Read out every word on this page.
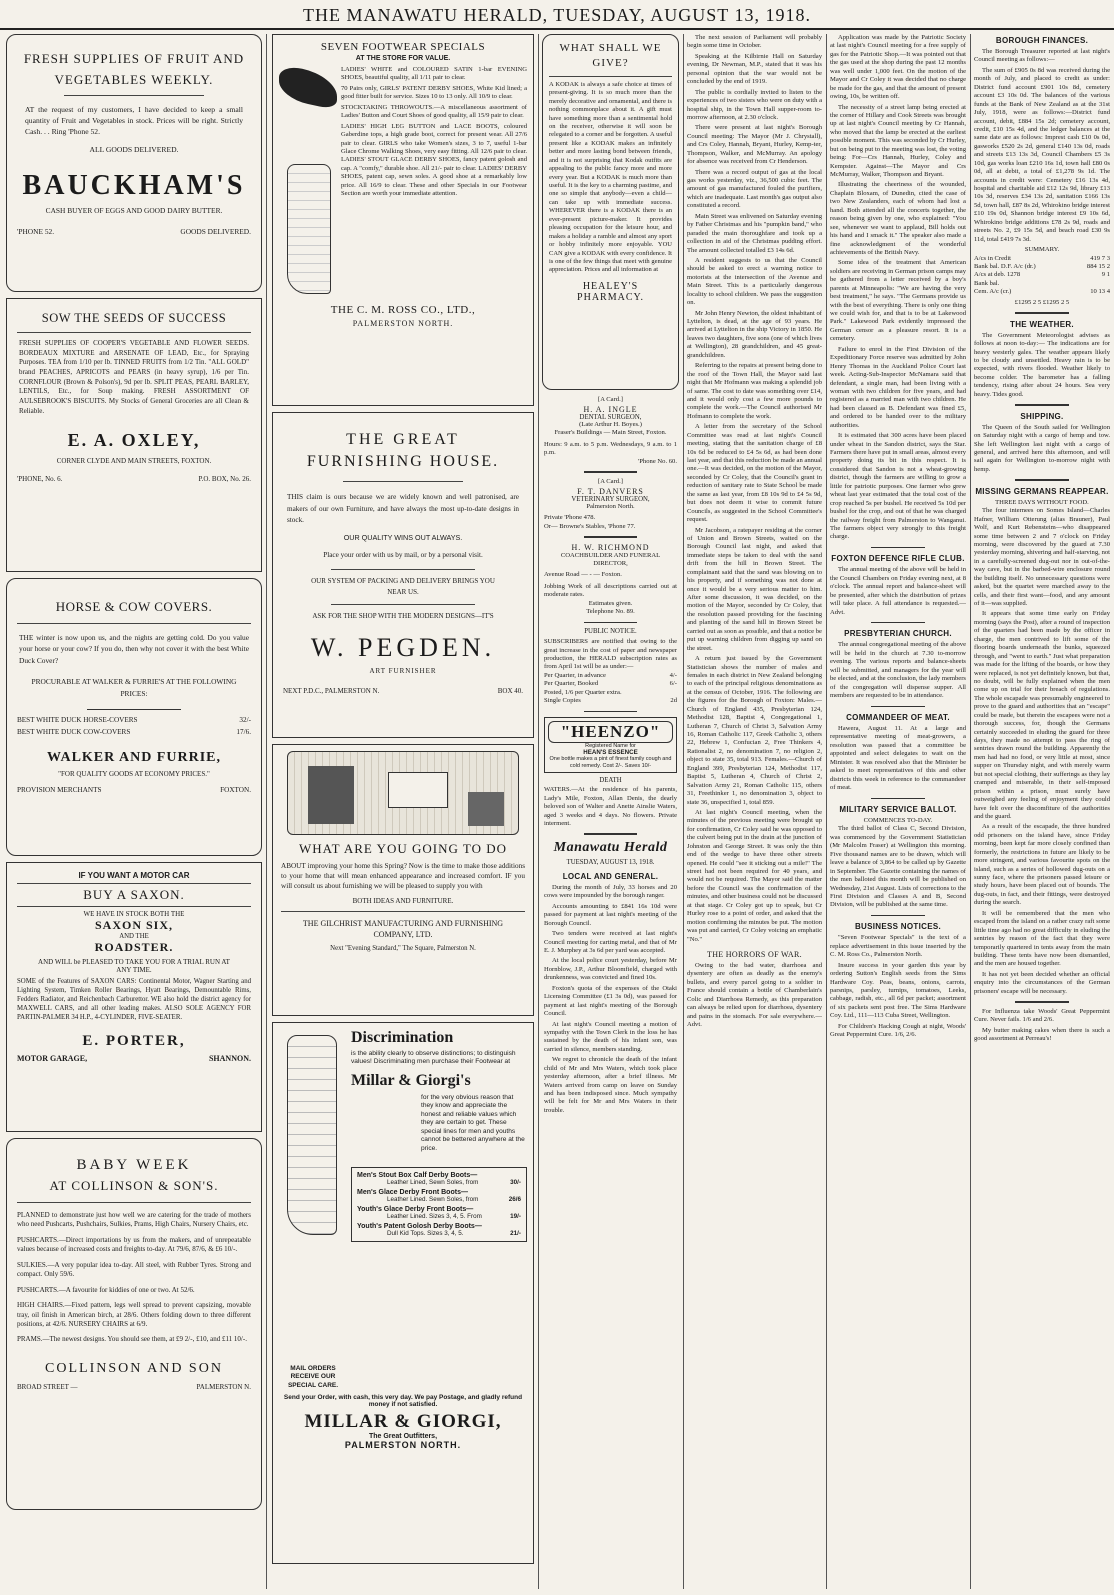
THE MANAWATU HERALD, TUESDAY, AUGUST 13, 1918.
FRESH SUPPLIES OF FRUIT AND VEGETABLES WEEKLY.
AT the request of my customers, I have decided to keep a small quantity of Fruit and Vegetables in stock. Prices will be right. Strictly Cash. . . Ring 'Phone 52.
ALL GOODS DELIVERED.
BAUCKHAM'S
CASH BUYER OF EGGS AND GOOD DAIRY BUTTER.
'PHONE 52.	GOODS DELIVERED.
SOW THE SEEDS OF SUCCESS
FRESH SUPPLIES OF COOPER'S VEGETABLE AND FLOWER SEEDS. BORDEAUX MIXTURE and ARSENATE OF LEAD, Etc., for Spraying Purposes. TEA from 1/10 per lb. TINNED FRUITS from 1/2 Tin. "ALL GOLD" brand PEACHES, APRICOTS and PEARS (in heavy syrup), 1/6 per Tin. CORNFLOUR (Brown & Polson's), 9d per lb. SPLIT PEAS, PEARL BARLEY, LENTILS, Etc., for Soup making. FRESH ASSORTMENT OF AULSEBROOK'S BISCUITS. My Stocks of General Groceries are all Clean & Reliable.
E. A. OXLEY,
CORNER CLYDE AND MAIN STREETS, FOXTON.
'PHONE, No. 6.	P.O. BOX, No. 26.
HORSE & COW COVERS.
THE winter is now upon us, and the nights are getting cold. Do you value your horse or your cow? If you do, then why not cover it with the best White Duck Cover?
PROCURABLE AT WALKER & FURRIE'S AT THE FOLLOWING PRICES:
BEST WHITE DUCK HORSE-COVERS	32/-
BEST WHITE DUCK COW-COVERS	17/6.
WALKER AND FURRIE,
"FOR QUALITY GOODS AT ECONOMY PRICES."
PROVISION MERCHANTS	FOXTON.
IF YOU WANT A MOTOR CAR
BUY A SAXON.
WE HAVE IN STOCK BOTH THE
SAXON SIX,
AND THE
ROADSTER.
AND WILL be PLEASED TO TAKE YOU FOR A TRIAL RUN AT ANY TIME.
SOME of the Features of SAXON CARS: Continental Motor, Wagner Starting and Lighting System, Timken Roller Bearings, Hyatt Bearings, Demountable Rims, Fedders Radiator, and Reichenbach Carburettor. WE also hold the district agency for MAXWELL CARS, and all other leading makes. ALSO SOLE AGENCY FOR PARTIN-PALMER 34 H.P., 4-CYLINDER, FIVE-SEATER.
E. PORTER,
MOTOR GARAGE,	SHANNON.
BABY WEEK
AT COLLINSON & SON'S.
PLANNED to demonstrate just how well we are catering for the trade of mothers who need Pushcarts, Pushchairs, Sulkies, Prams, High Chairs, Nursery Chairs, etc.
PUSHCARTS.—Direct importations by us from the makers, and of unrepeatable values because of increased costs and freights to-day. At 79/6, 87/6, & £6 10/-.
SULKIES.—A very popular idea to-day. All steel, with Rubber Tyres. Strong and compact. Only 59/6.
PUSHCARTS.—A favourite for kiddies of one or two. At 52/6.
HIGH CHAIRS.—Fixed pattern, legs well spread to prevent capsizing, movable tray, oil finish in American birch, at 28/6. Others folding down to three different positions, at 42/6. NURSERY CHAIRS at 6/9.
PRAMS.—The newest designs. You should see them, at £9 2/-, £10, and £11 10/-.
COLLINSON AND SON
BROAD STREET —	PALMERSTON N.
SEVEN FOOTWEAR SPECIALS
AT THE STORE FOR VALUE.
LADIES' WHITE and COLOURED SATIN 1-bar EVENING SHOES, beautiful quality, all 1/11 pair to clear.
70 Pairs only, GIRLS' PATENT DERBY SHOES, White Kid lined; a good fitter built for service. Sizes 10 to 13 only. All 10/9 to clear.
STOCKTAKING THROWOUTS.—A miscellaneous assortment of Ladies' Button and Court Shoes of good quality, all 15/9 pair to clear.
LADIES' HIGH LEG BUTTON and LACE BOOTS, coloured Gaberdine tops, a high grade boot, correct for present wear. All 27/6 pair to clear. GIRLS who take Women's sizes, 3 to 7, useful 1-bar Glace Chrome Walking Shoes, very easy fitting. All 12/6 pair to clear. LADIES' STOUT GLACE DERBY SHOES, fancy patent golosh and cap. A "comfy," durable shoe. All 21/- pair to clear. LADIES' DERBY SHOES, patent cap, sewn soles. A good shoe at a remarkably low price. All 16/9 to clear. These and other Specials in our Footwear Section are worth your immediate attention.
THE C. M. ROSS CO., LTD.,
PALMERSTON NORTH.
WHAT SHALL WE GIVE?
A KODAK is always a safe choice at times of present-giving. It is so much more than the merely decorative and ornamental, and there is nothing commonplace about it. A gift must have something more than a sentimental hold on the receiver, otherwise it will soon be relegated to a corner and be forgotten. A useful present like a KODAK makes an infinitely better and more lasting bond between friends, and it is not surprising that Kodak outfits are appealing to the public fancy more and more every year. But a KODAK is much more than useful. It is the key to a charming pastime, and one so simple that anybody—even a child—can take up with immediate success. WHEREVER there is a KODAK there is an ever-present picture-maker. It provides pleasing occupation for the leisure hour, and makes a holiday a ramble and almost any sport or hobby infinitely more enjoyable. YOU CAN give a KODAK with every confidence. It is one of the few things that meet with genuine appreciation. Prices and all information at
HEALEY'S PHARMACY.
[A Card.]
H. A. INGLE
DENTAL SURGEON,
(Late Arthur H. Boyes.)
Fraser's Buildings — Main Street, Foxton.
Hours: 9 a.m. to 5 p.m. Wednesdays, 9 a.m. to 1 p.m.
'Phone No. 60.
[A Card.]
F. T. DANVERS
VETERINARY SURGEON,
Palmerston North.
Private 'Phone 478.
Or— Browne's Stables, 'Phone 77.
H. W. RICHMOND
COACHBUILDER AND FUNERAL DIRECTOR,
Avenue Road — - — Foxton.
Jobbing Work of all descriptions carried out at moderate rates.
Estimates given.
Telephone No. 89.
PUBLIC NOTICE.
SUBSCRIBERS are notified that owing to the great increase in the cost of paper and newspaper production, the HERALD subscription rates as from April 1st will be as under:—
Per Quarter, in advance	4/-
Per Quarter, Booked	6/-
Posted, 1/6 per Quarter extra.
Single Copies	2d
"HEENZO"
Registered Name for
HEAN'S ESSENCE
One bottle makes a pint of finest family cough and cold remedy. Cost 2/-. Saves 10/-
DEATH
WATERS.—At the residence of his parents, Lady's Mile, Foxton, Allan Denis, the dearly beloved son of Walter and Anette Ainslie Waters, aged 3 weeks and 4 days. No flowers. Private interment.
Manawatu Herald
TUESDAY, AUGUST 13, 1918.
LOCAL AND GENERAL.

During the month of July, 33 horses and 20 cows were impounded by the borough ranger.

Accounts amounting to £841 16s 10d were passed for payment at last night's meeting of the Borough Council.

Two tenders were received at last night's Council meeting for carting metal, and that of Mr E. J. Murphey at 3s 6d per yard was accepted.

At the local police court yesterday, before Mr Hornblow, J.P., Arthur Bloomfield, charged with drunkenness, was convicted and fined 10s.

Foxton's quota of the expenses of the Otaki Licensing Committee (£1 3s 0d), was passed for payment at last night's meeting of the Borough Council.

At last night's Council meeting a motion of sympathy with the Town Clerk in the loss he has sustained by the death of his infant son, was carried in silence, members standing.

We regret to chronicle the death of the infant child of Mr and Mrs Waters, which took place yesterday afternoon, after a brief illness. Mr Waters arrived from camp on leave on Sunday and has been indisposed since. Much sympathy will be felt for Mr and Mrs Waters in their trouble.

THE GREAT
FURNISHING HOUSE.
THIS claim is ours because we are widely known and well patronised, are makers of our own Furniture, and have always the most up-to-date designs in stock.
OUR QUALITY WINS OUT ALWAYS.
Place your order with us by mail, or by a personal visit.
OUR SYSTEM OF PACKING AND DELIVERY BRINGS YOU NEAR US.
ASK FOR THE SHOP WITH THE MODERN DESIGNS—IT'S
W. PEGDEN.
ART FURNISHER
NEXT P.D.C., PALMERSTON N.	BOX 40.
WHAT ARE YOU GOING TO DO
ABOUT improving your home this Spring? Now is the time to make those additions to your home that will mean enhanced appearance and increased comfort. IF you will consult us about furnishing we will be pleased to supply you with
BOTH IDEAS AND FURNITURE.
THE GILCHRIST MANUFACTURING AND FURNISHING COMPANY, LTD.
Next "Evening Standard," The Square, Palmerston N.
MAIL ORDERS RECEIVE OUR SPECIAL CARE.
Discrimination
is the ability clearly to observe distinctions; to distinguish values! Discriminating men purchase their Footwear at
Millar & Giorgi's
for the very obvious reason that they know and appreciate the honest and reliable values which they are certain to get. These special lines for men and youths cannot be bettered anywhere at the price.
Men's Stout Box Calf Derby Boots—
Leather Lined, Sewn Soles, from	30/-
Men's Glace Derby Front Boots—
Leather Lined. Sewn Soles, from	26/6
Youth's Glace Derby Front Boots—
Leather Lined. Sizes 3, 4, 5. From	19/-
Youth's Patent Golosh Derby Boots—
Dull Kid Tops. Sizes 3, 4, 5.	21/-
Send your Order, with cash, this very day. We pay Postage, and gladly refund money if not satisfied.
MILLAR & GIORGI,
The Great Outfitters,
PALMERSTON NORTH.

The next session of Parliament will probably begin some time in October.

Speaking at the Kilbirnie Hall on Saturday evening, Dr Newman, M.P., stated that it was his personal opinion that the war would not be concluded by the end of 1919.

The public is cordially invited to listen to the experiences of two sisters who were on duty with a hospital ship, in the Town Hall supper-room to-morrow afternoon, at 2.30 o'clock.

There were present at last night's Borough Council meeting: The Mayor (Mr J. Chrystall), and Crs Coley, Hannah, Bryant, Hurley, Kemp-ter, Thompson, Walker, and McMurray. An apology for absence was received from Cr Henderson.

There was a record output of gas at the local gas works yesterday, viz., 36,500 cubic feet. The amount of gas manufactured fouled the purifiers, which are inadequate. Last month's gas output also constituted a record.

Main Street was enlivened on Saturday evening by Father Christmas and his "pumpkin band," who paraded the main thoroughfare and took up a collection in aid of the Christmas pudding effort. The amount collected totalled £3 14s 6d.

A resident suggests to us that the Council should be asked to erect a warning notice to motorists at the intersection of the Avenue and Main Street. This is a particularly dangerous locality to school children. We pass the suggestion on.

Mr John Henry Newton, the oldest inhabitant of Lyttelton, is dead, at the age of 93 years. He arrived at Lyttelton in the ship Victory in 1850. He leaves two daughters, five sons (one of which lives at Wellington), 28 grandchildren, and 45 great-grandchildren.

Referring to the repairs at present being done to the roof of the Town Hall, the Mayor said last night that Mr Hofmann was making a splendid job of same. The cost to date was something over £14, and it would only cost a few more pounds to complete the work.—The Council authorised Mr Hofmann to complete the work.

A letter from the secretary of the School Committee was read at last night's Council meeting, stating that the sanitation charge of £8 10s 6d be reduced to £4 5s 6d, as had been done last year, and that this reduction be made an annual one.—It was decided, on the motion of the Mayor, seconded by Cr Coley, that the Council's grant in reduction of sanitary rate to State School be made the same as last year, from £8 10s 9d to £4 5s 9d, but does not deem it wise to commit future Councils, as suggested in the School Committee's request.

Mr Jacobson, a ratepayer residing at the corner of Union and Brown Streets, waited on the Borough Council last night, and asked that immediate steps be taken to deal with the sand drift from the hill in Brown Street. The complainant said that the sand was blowing on to his property, and if something was not done at once it would be a very serious matter to him. After some discussion, it was decided, on the motion of the Mayor, seconded by Cr Coley, that the resolution passed providing for the fascining and planting of the sand hill in Brown Street be carried out as soon as possible, and that a notice be put up warning children from digging up sand on the street.

A return just issued by the Government Statistician shows the number of males and females in each district in New Zealand belonging to each of the principal religious denominations as at the census of October, 1916. The following are the figures for the Borough of Foxton: Males.—Church of England 435, Presbyterian 124, Methodist 128, Baptist 4, Congregational 1, Lutheran 7, Church of Christ 3, Salvation Army 16, Roman Catholic 117, Greek Catholic 3, others 22, Hebrew 1, Confucian 2, Free Thinkers 4, Rationalist 2, no denomination 7, no religion 2, object to state 35, total 913. Females.—Church of England 399, Presbyterian 124, Methodist 117, Baptist 5, Lutheran 4, Church of Christ 2, Salvation Army 21, Roman Catholic 115, others 31, Freethinker 1, no denomination 3, object to state 36, unspecified 1, total 859.

At last night's Council meeting, when the minutes of the previous meeting were brought up for confirmation, Cr Coley said he was opposed to the culvert being put in the drain at the junction of Johnston and George Street. It was only the thin end of the wedge to have three other streets opened. He could "see it sticking out a mile!" The street had not been required for 40 years, and would not be required. The Mayor said the matter before the Council was the confirmation of the minutes, and other business could not be discussed at that stage. Cr Coley got up to speak, but Cr Hurley rose to a point of order, and asked that the motion confirming the minutes be put. The motion was put and carried, Cr Coley voicing an emphatic "No."

THE HORRORS OF WAR.

Owing to the bad water, diarrhoea and dysentery are often as deadly as the enemy's bullets, and every parcel going to a soldier in France should contain a bottle of Chamberlain's Colic and Diarrhoea Remedy, as this preparation can always be relied upon for diarrhoea, dysentery and pains in the stomach. For sale everywhere.—Advt.

Application was made by the Patriotic Society at last night's Council meeting for a free supply of gas for the Patriotic Shop.—It was pointed out that the gas used at the shop during the past 12 months was well under 1,000 feet. On the motion of the Mayor and Cr Coley it was decided that no charge be made for the gas, and that the amount of present owing, 10s, be written off.

The necessity of a street lamp being erected at the corner of Hillary and Cook Streets was brought up at last night's Council meeting by Cr Hannah, who moved that the lamp be erected at the earliest possible moment. This was seconded by Cr Hurley, but on being put to the meeting was lost, the voting being: For—Crs Hannah, Hurley, Coley and Kempster. Against—The Mayor and Crs McMurray, Walker, Thompson and Bryant.

Illustrating the cheeriness of the wounded, Chaplain Bloxam, of Dunedin, cited the case of two New Zealanders, each of whom had lost a hand. Both attended all the concerts together, the reason being given by one, who explained: "You see, whenever we want to applaud, Bill holds out his hand and I smack it." The speaker also made a fine acknowledgment of the wonderful achievements of the British Navy.

Some idea of the treatment that American soldiers are receiving in German prison camps may be gathered from a letter received by a boy's parents at Minneapolis: "We are having the very best treatment," he says. "The Germans provide us with the best of everything. There is only one thing we could wish for, and that is to be at Lakewood Park." Lakewood Park evidently impressed the German censor as a pleasure resort. It is a cemetery.

Failure to enrol in the First Division of the Expeditionary Force reserve was admitted by John Henry Thomas in the Auckland Police Court last week. Acting-Sub-Inspector McNamara said that defendant, a single man, had been living with a woman with two children for five years, and had registered as a married man with two children. He had been classed as B. Defendant was fined £5, and ordered to be handed over to the military authorities.

It is estimated that 300 acres have been placed under wheat in the Sandon district, says the Star. Farmers there have put in small areas, almost every property doing its bit in this respect. It is considered that Sandon is not a wheat-growing district, though the farmers are willing to grow a little for patriotic purposes. One farmer who grew wheat last year estimated that the total cost of the crop reached 5s per bushel. He received 5s 10d per bushel for the crop, and out of that he was charged the railway freight from Palmerston to Wanganui. The farmers object very strongly to this freight charge.

FOXTON DEFENCE RIFLE CLUB.

The annual meeting of the above will be held in the Council Chambers on Friday evening next, at 8 o'clock. The annual report and balance-sheet will be presented, after which the distribution of prizes will take place. A full attendance is requested.—Advt.

PRESBYTERIAN CHURCH.

The annual congregational meeting of the above will be held in the church at 7.30 to-morrow evening. The various reports and balance-sheets will be submitted, and managers for the year will be elected, and at the conclusion, the lady members of the congregation will dispense supper. All members are requested to be in attendance.

COMMANDEER OF MEAT.

Hawera, August 11. At a large and representative meeting of meat-growers, a resolution was passed that a committee be appointed and select delegates to wait on the Minister. It was resolved also that the Minister be asked to meet representatives of this and other districts this week in reference to the commandeer of meat.

MILITARY SERVICE BALLOT.
COMMENCES TO-DAY.

The third ballot of Class C, Second Division, was commenced by the Government Statistician (Mr Malcolm Fraser) at Wellington this morning. Five thousand names are to be drawn, which will leave a balance of 3,864 to be called up by Gazette in September. The Gazette containing the names of the men balloted this month will be published on Wednesday, 21st August. Lists of corrections to the First Division and Classes A and B, Second Division, will be published at the same time.

BUSINESS NOTICES.

"Seven Footwear Specials" is the text of a replace advertisement in this issue inserted by the C. M. Ross Co., Palmerston North.

Insure success in your garden this year by ordering Sutton's English seeds from the Sims Hardware Coy. Peas, beans, onions, carrots, parsnips, parsley, turnips, tomatoes, Leeks, cabbage, radish, etc., all 6d per packet; assortment of six packets sent post free. The Sims Hardware Coy. Ltd., 111—113 Cuba Street, Wellington.

For Children's Hacking Cough at night, Woods' Great Peppermint Cure. 1/6, 2/6.

BOROUGH FINANCES.

The Borough Treasurer reported at last night's Council meeting as follows:—

The sum of £905 0s 8d was received during the month of July, and placed to credit as under: District fund account £901 10s 8d, cemetery account £3 10s 0d. The balances of the various funds at the Bank of New Zealand as at the 31st July, 1918, were as follows:—District fund account, debit, £884 15s 2d; cemetery account, credit, £10 15s 4d, and the ledger balances at the same date are as follows: Imprest cash £10 0s 0d, gasworks £520 2s 2d, general £140 13s 0d, roads and streets £13 13s 3d, Council Chambers £5 3s 10d, gas works loan £210 16s 1d, town hall £80 0s 0d, all at debit, a total of £1,278 9s 1d. The accounts in credit were: Cemetery £16 13s 4d, hospital and charitable aid £12 12s 9d, library £13 10s 3d, reserves £34 13s 2d, sanitation £166 13s 5d, town hall, £87 8s 2d, Whirokino bridge interest £10 19s 0d, Shannon bridge interest £9 10s 6d, Whirokino bridge additions £78 2s 9d, roads and streets No. 2, £9 15s 5d, and beach road £30 9s 11d, total £419 7s 3d.

SUMMARY.
A/cs in Credit	419 7 3
Bank bal. D.F. A/c (dr.)	884 15 2
A/cs at deb. 1278	9 1
Bank bal.
Cem. A/c (cr.)	10 13 4
£1295 2 5 £1295 2 5
THE WEATHER.

The Government Meteorologist advises as follows at noon to-day:— The indications are for heavy westerly gales. The weather appears likely to be cloudy and unsettled. Heavy rain is to be expected, with rivers flooded. Weather likely to become colder. The barometer has a falling tendency, rising after about 24 hours. Sea very heavy. Tides good.

SHIPPING.

The Queen of the South sailed for Wellington on Saturday night with a cargo of hemp and tow. She left Wellington last night with a cargo of general, and arrived here this afternoon, and will sail again for Wellington to-morrow night with hemp.

MISSING GERMANS REAPPEAR.
THREE DAYS WITHOUT FOOD.

The four internees on Somes Island—Charles Hafner, William Otterung (alias Brauner), Paul Wolf, and Kurt Rebensteim—who disappeared some time between 2 and 7 o'clock on Friday morning, were discovered by the guard at 7.30 yesterday morning, shivering and half-starving, not in a carefully-screened dug-out nor in out-of-the-way cave, but in the barbed-wire enclosure round the building itself. No unnecessary questions were asked, but the quartet were marched away to the cells, and their first want—food, and any amount of it—was supplied.

It appears that some time early on Friday morning (says the Post), after a round of inspection of the quarters had been made by the officer in charge, the men contrived to lift some of the flooring boards underneath the bunks, squeezed through, and "went to earth." Just what preparation was made for the lifting of the boards, or how they were replaced, is not yet definitely known, but that, no doubt, will be fully explained when the men come up on trial for their breach of regulations. The whole escapade was presumably engineered to prove to the guard and authorities that an "escape" could be made, but therein the escapees were not a thorough success, for, though the Germans certainly succeeded in eluding the guard for three days, they made no attempt to pass the ring of sentries drawn round the building. Apparently the men had had no food, or very little at most, since supper on Thursday night, and with merely warm but not special clothing, their sufferings as they lay cramped and miserable, in their self-imposed prison within a prison, must surely have outweighed any feeling of enjoyment they could have felt over the discomfiture of the authorities and the guard.

As a result of the escapade, the three hundred odd prisoners on the island have, since Friday morning, been kept far more closely confined than formerly, the restrictions in future are likely to be more stringent, and various favourite spots on the island, such as a series of hollowed dug-outs on a sunny face, where the prisoners passed leisure or study hours, have been placed out of bounds. The dug-outs, in fact, and their fittings, were destroyed during the search.

It will be remembered that the men who escaped from the island on a rather crazy raft some little time ago had no great difficulty in eluding the sentries by reason of the fact that they were temporarily quartered in tents away from the main building. These tents have now been dismantled, and the men are housed together.

It has not yet been decided whether an official enquiry into the circumstances of the German prisoners' escape will be necessary.

For Influenza take Woods' Great Peppermint Cure. Never fails. 1/6 and 2/6.

My butter making cakes when there is such a good assortment at Perreau's!
